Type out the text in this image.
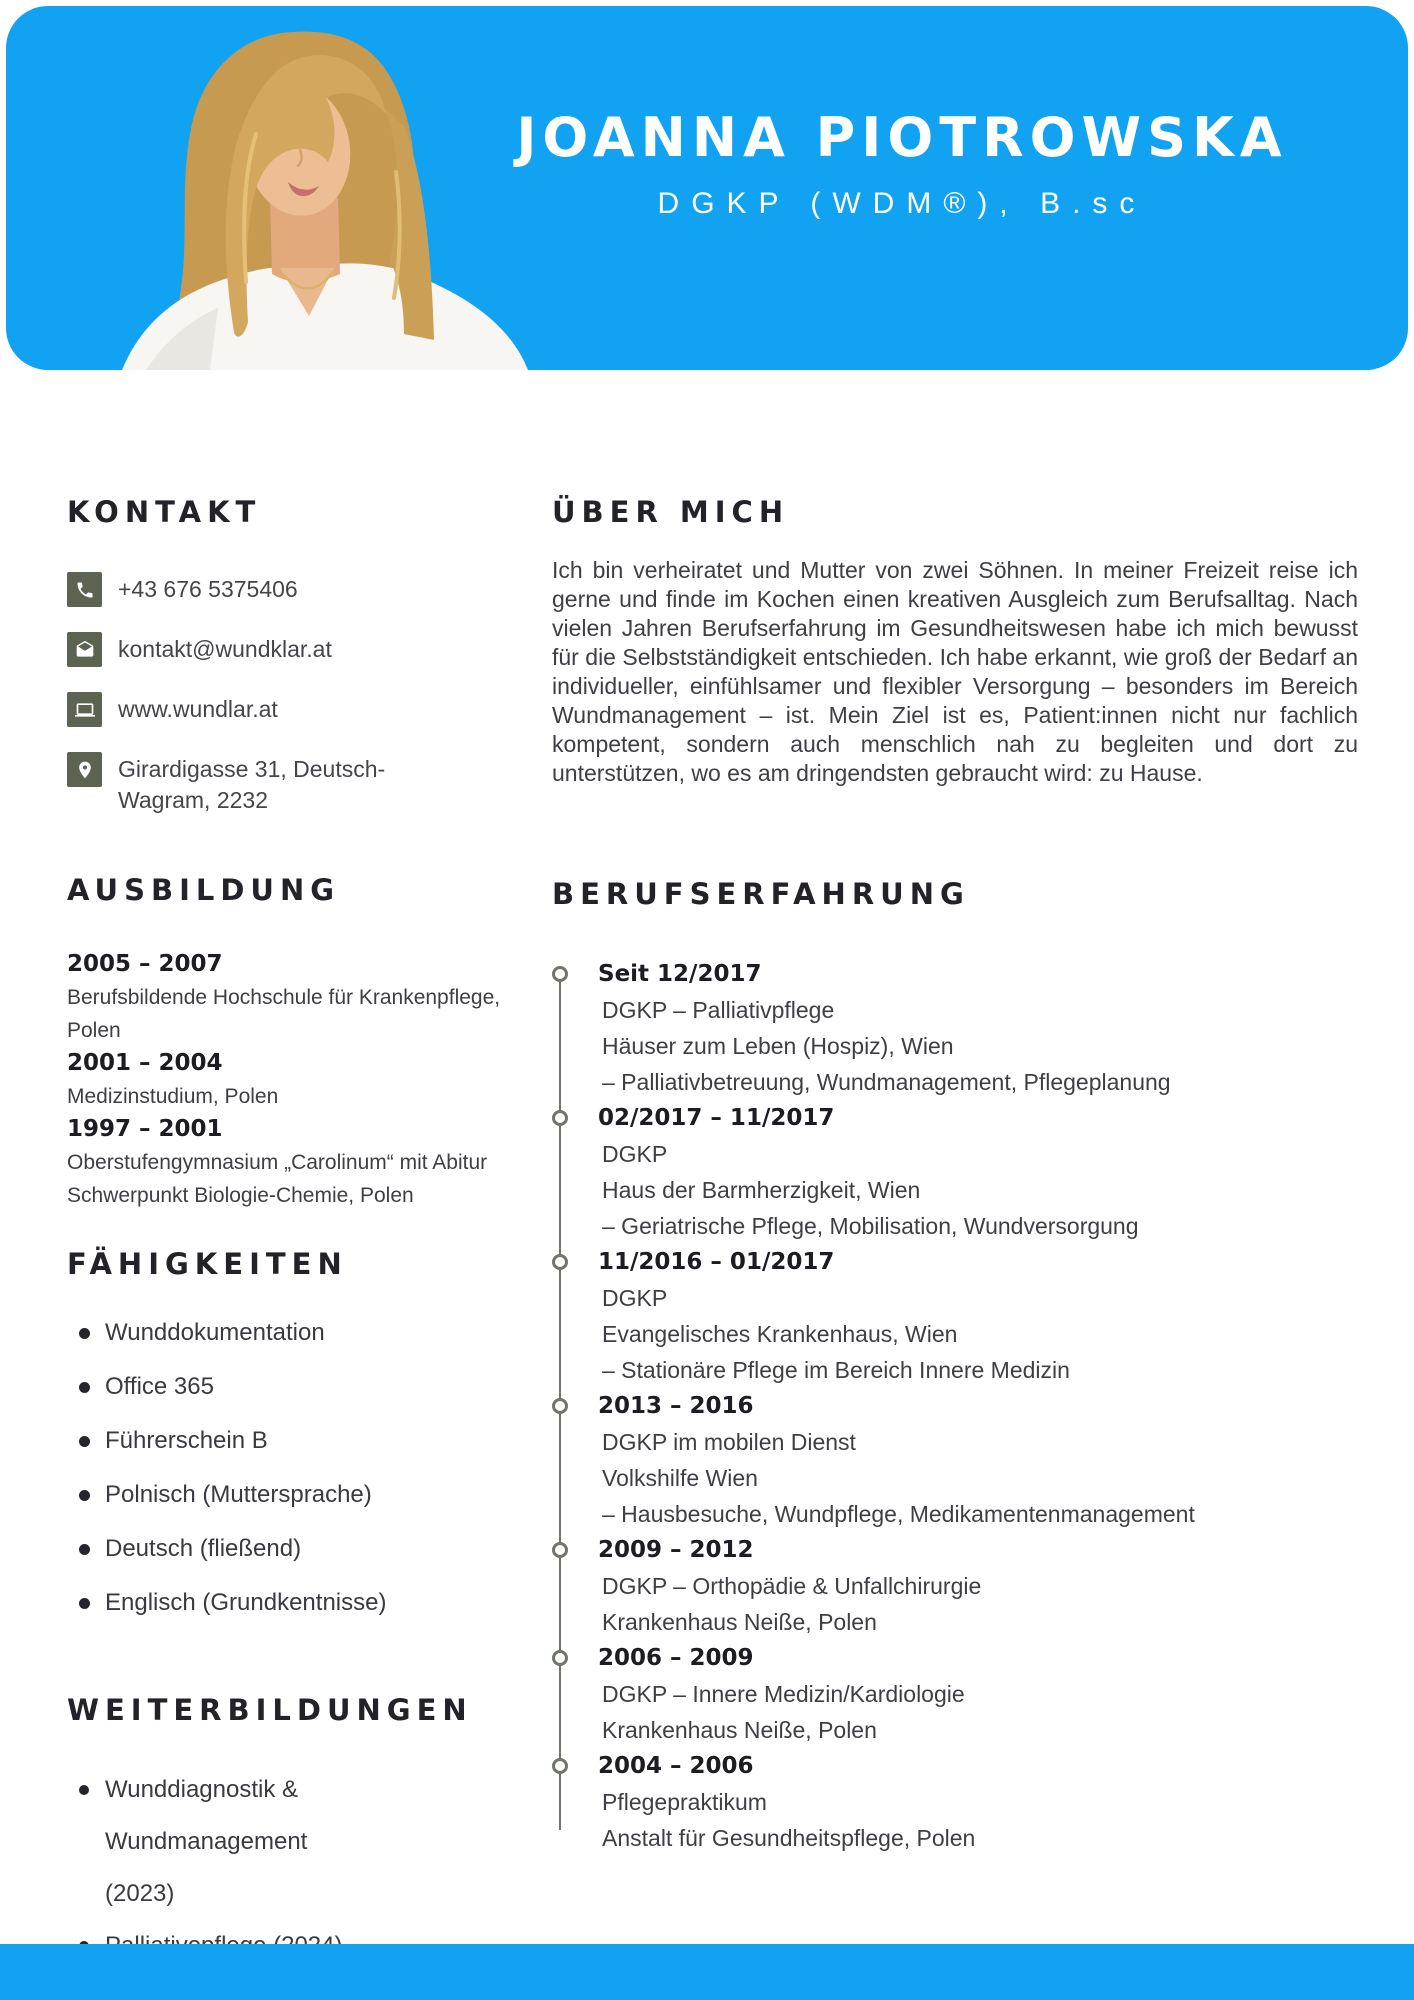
JOANNA PIOTROWSKA
DGKP (WDM®), B.sc
KONTAKT
+43 676 5375406
kontakt@wundklar.at
www.wundlar.at
Girardigasse 31, Deutsch-Wagram, 2232
AUSBILDUNG
2005 – 2007
Berufsbildende Hochschule für Krankenpflege, Polen
2001 – 2004
Medizinstudium, Polen
1997 – 2001
Oberstufengymnasium „Carolinum“ mit Abitur Schwerpunkt Biologie-Chemie, Polen
FÄHIGKEITEN
Wunddokumentation
Office 365
Führerschein B
Polnisch (Muttersprache)
Deutsch (fließend)
Englisch (Grundkentnisse)
WEITERBILDUNGEN
Wunddiagnostik & Wundmanagement (2023)
ÜBER MICH

Ich bin verheiratet und Mutter von zwei Söhnen. In meiner Freizeit reise ich gerne und finde im Kochen einen kreativen Ausgleich zum Berufsalltag. Nach vielen Jahren Berufserfahrung im Gesundheitswesen habe ich mich bewusst für die Selbstständigkeit entschieden. Ich habe erkannt, wie groß der Bedarf an individueller, einfühlsamer und flexibler Versorgung – besonders im Bereich Wundmanagement – ist. Mein Ziel ist es, Patient:innen nicht nur fachlich kompetent, sondern auch menschlich nah zu begleiten und dort zu unterstützen, wo es am dringendsten gebraucht wird: zu Hause.

BERUFSERFAHRUNG
Seit 12/2017
DGKP – Palliativpflege
Häuser zum Leben (Hospiz), Wien
– Palliativbetreuung, Wundmanagement, Pflegeplanung
02/2017 – 11/2017
DGKP
Haus der Barmherzigkeit, Wien
– Geriatrische Pflege, Mobilisation, Wundversorgung
11/2016 – 01/2017
DGKP
Evangelisches Krankenhaus, Wien
– Stationäre Pflege im Bereich Innere Medizin
2013 – 2016
DGKP im mobilen Dienst
Volkshilfe Wien
– Hausbesuche, Wundpflege, Medikamentenmanagement
2009 – 2012
DGKP – Orthopädie & Unfallchirurgie
Krankenhaus Neiße, Polen
2006 – 2009
DGKP – Innere Medizin/Kardiologie
Krankenhaus Neiße, Polen
2004 – 2006
Pflegepraktikum
Anstalt für Gesundheitspflege, Polen
